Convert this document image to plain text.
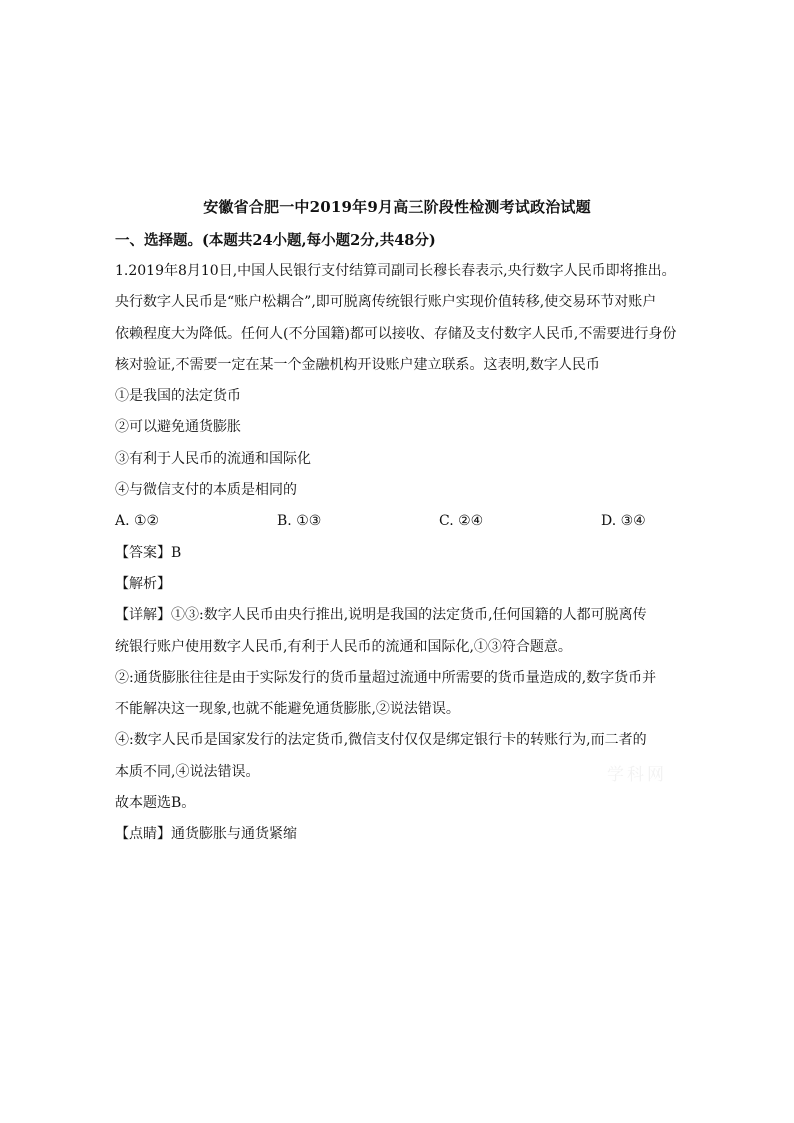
安徽省合肥一中2019年9月高三阶段性检测考试政治试题
一、选择题。(本题共24小题,每小题2分,共48分)

1.2019年8月10日,中国人民银行支付结算司副司长穆长春表示,央行数字人民币即将推出。

央行数字人民币是“账户松耦合”,即可脱离传统银行账户实现价值转移,使交易环节对账户

依赖程度大为降低。任何人(不分国籍)都可以接收、存储及支付数字人民币,不需要进行身份

核对验证,不需要一定在某一个金融机构开设账户建立联系。这表明,数字人民币

①是我国的法定货币

②可以避免通货膨胀

③有利于人民币的流通和国际化

④与微信支付的本质是相同的

A. ①②	B. ①③	C. ②④	D. ③④

【答案】B

【解析】

【详解】①③:数字人民币由央行推出,说明是我国的法定货币,任何国籍的人都可脱离传

统银行账户使用数字人民币,有利于人民币的流通和国际化,①③符合题意。

②:通货膨胀往往是由于实际发行的货币量超过流通中所需要的货币量造成的,数字货币并

不能解决这一现象,也就不能避免通货膨胀,②说法错误。

④:数字人民币是国家发行的法定货币,微信支付仅仅是绑定银行卡的转账行为,而二者的

本质不同,④说法错误。

故本题选B。

【点睛】通货膨胀与通货紧缩

学科网
